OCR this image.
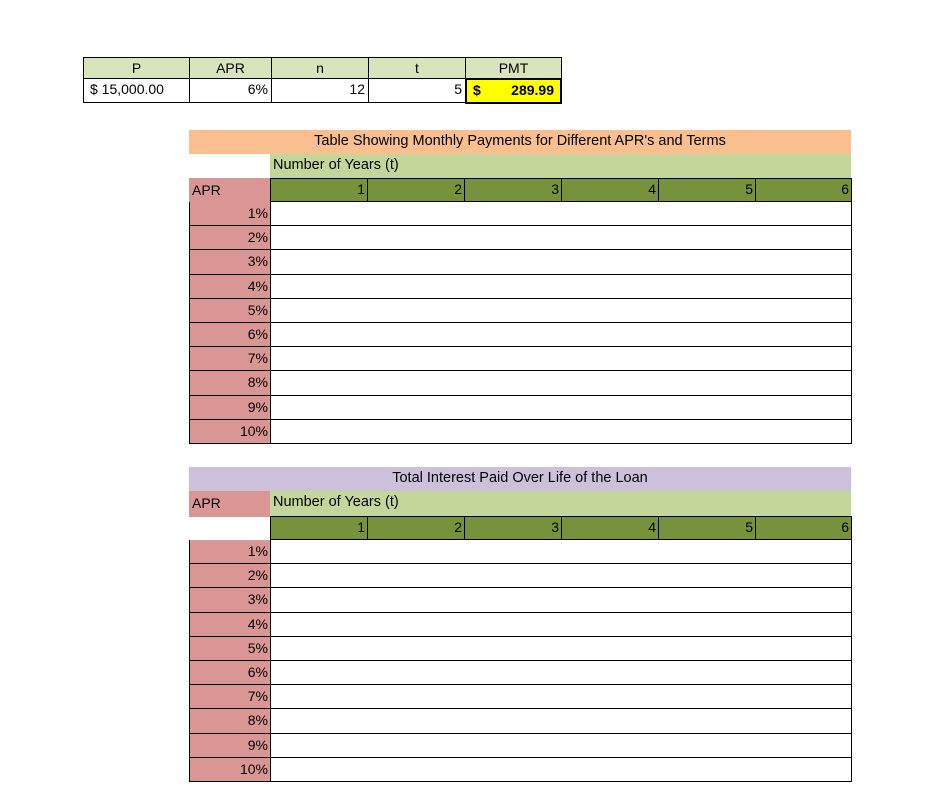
P	APR	n	t	PMT
$ 15,000.00	6%	12	5 $ 289.99
Table Showing Monthly Payments for Different APR's and Terms
Number of Years (t)
APR	1	2	3	4	5	6
1%
2%
3%
4%
5%
6%
7%
8%
9%
10%
Total Interest Paid Over Life of the Loan
APR	Number of Years (t)
1	2	3	4	5	6
1%
2%
3%
4%
5%
6%
7%
8%
9%
10%
